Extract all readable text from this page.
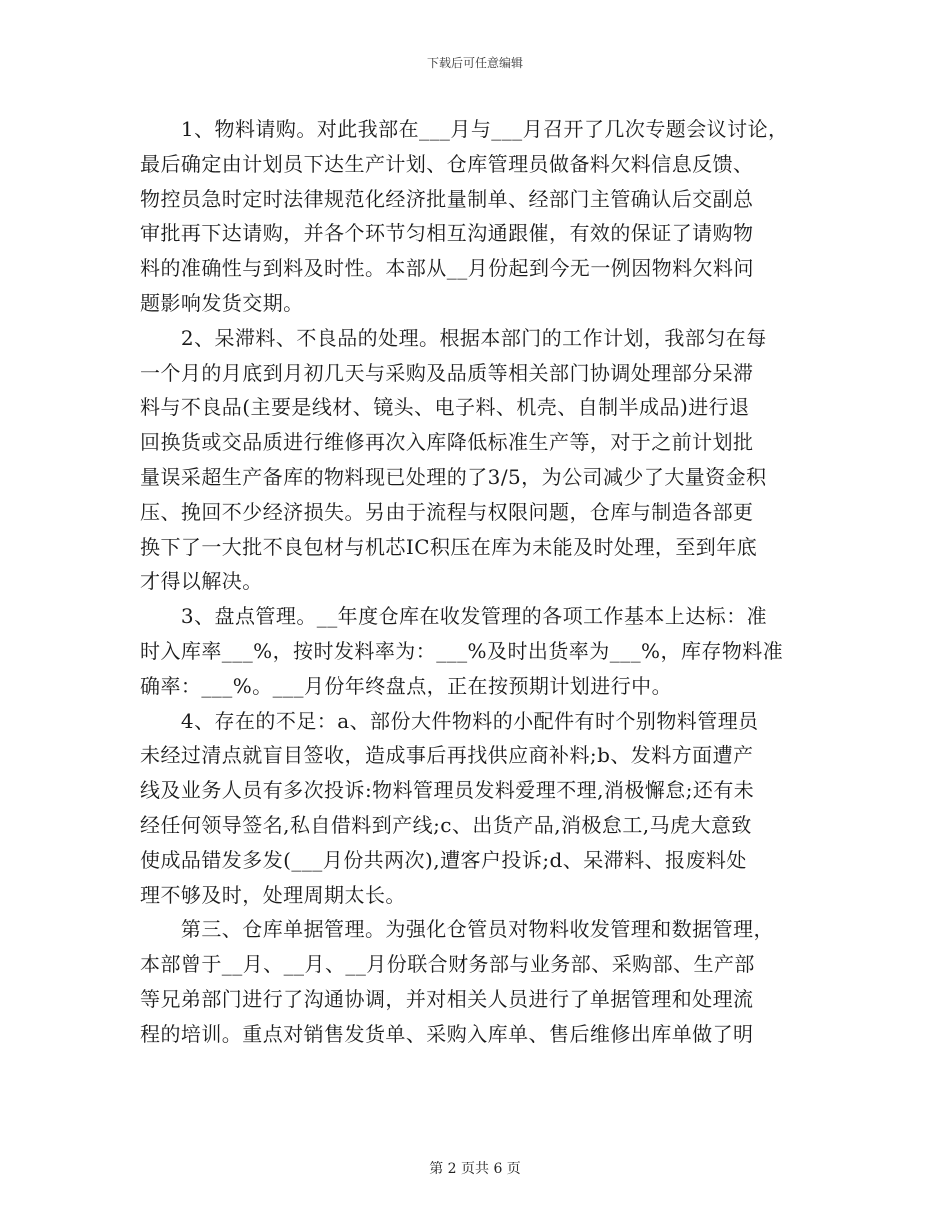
下载后可任意编辑
　　1、物料请购。对此我部在___月与___月召开了几次专题会议讨论，
最后确定由计划员下达生产计划、仓库管理员做备料欠料信息反馈、
物控员急时定时法律规范化经济批量制单、经部门主管确认后交副总
审批再下达请购，并各个环节匀相互沟通跟催，有效的保证了请购物
料的准确性与到料及时性。本部从__月份起到今无一例因物料欠料问
题影响发货交期。
　　2、呆滞料、不良品的处理。根据本部门的工作计划，我部匀在每
一个月的月底到月初几天与采购及品质等相关部门协调处理部分呆滞
料与不良品(主要是线材、镜头、电子料、机壳、自制半成品)进行退
回换货或交品质进行维修再次入库降低标准生产等，对于之前计划批
量误采超生产备库的物料现已处理的了3/5，为公司减少了大量资金积
压、挽回不少经济损失。另由于流程与权限问题，仓库与制造各部更
换下了一大批不良包材与机芯IC积压在库为未能及时处理，至到年底
才得以解决。
　　3、盘点管理。__年度仓库在收发管理的各项工作基本上达标：准
时入库率___%，按时发料率为：___%及时出货率为___%，库存物料准
确率：___%。___月份年终盘点，正在按预期计划进行中。
　　4、存在的不足：a、部份大件物料的小配件有时个别物料管理员
未经过清点就盲目签收，造成事后再找供应商补料;b、发料方面遭产
线及业务人员有多次投诉:物料管理员发料爱理不理,消极懈怠;还有未
经任何领导签名,私自借料到产线;c、出货产品,消极怠工,马虎大意致
使成品错发多发(___月份共两次),遭客户投诉;d、呆滞料、报废料处
理不够及时，处理周期太长。
　　第三、仓库单据管理。为强化仓管员对物料收发管理和数据管理，
本部曾于__月、__月、__月份联合财务部与业务部、采购部、生产部
等兄弟部门进行了沟通协调，并对相关人员进行了单据管理和处理流
程的培训。重点对销售发货单、采购入库单、售后维修出库单做了明
第 2 页共 6 页
